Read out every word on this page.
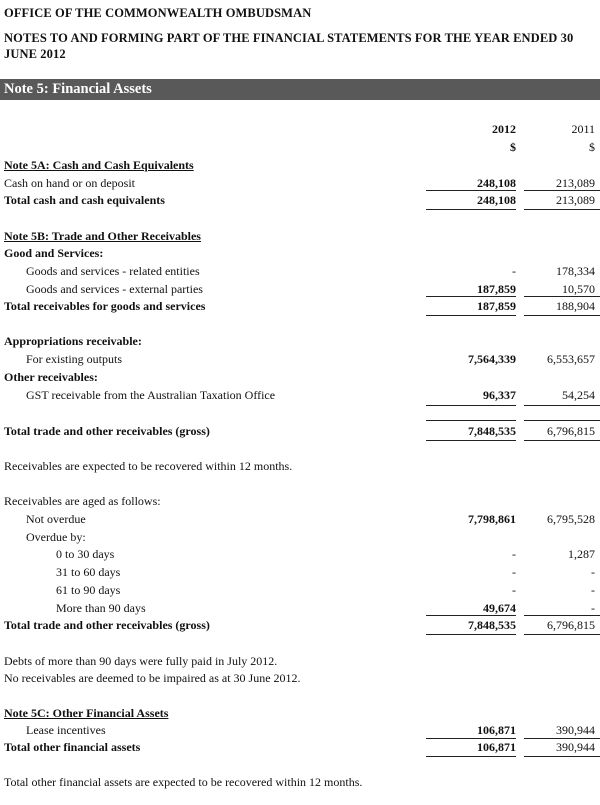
OFFICE OF THE COMMONWEALTH OMBUDSMAN
NOTES TO AND FORMING PART OF THE FINANCIAL STATEMENTS FOR THE YEAR ENDED 30
JUNE 2012
Note 5: Financial Assets
2012	2011
$	$
Note 5A: Cash and Cash Equivalents
Cash on hand or on deposit	248,108	213,089
Total cash and cash equivalents	248,108	213,089
Note 5B: Trade and Other Receivables
Good and Services:
Goods and services - related entities	-	178,334
Goods and services - external parties	187,859	10,570
Total receivables for goods and services	187,859	188,904
Appropriations receivable:
For existing outputs	7,564,339	6,553,657
Other receivables:
GST receivable from the Australian Taxation Office	96,337	54,254
Total trade and other receivables (gross)	7,848,535	6,796,815
Receivables are expected to be recovered within 12 months.
Receivables are aged as follows:
Not overdue	7,798,861	6,795,528
Overdue by:
0 to 30 days	-	1,287
31 to 60 days	-	-
61 to 90 days	-	-
More than 90 days	49,674	-
Total trade and other receivables (gross)	7,848,535	6,796,815
Debts of more than 90 days were fully paid in July 2012.
No receivables are deemed to be impaired as at 30 June 2012.
Note 5C: Other Financial Assets
Lease incentives	106,871	390,944
Total other financial assets	106,871	390,944
Total other financial assets are expected to be recovered within 12 months.
